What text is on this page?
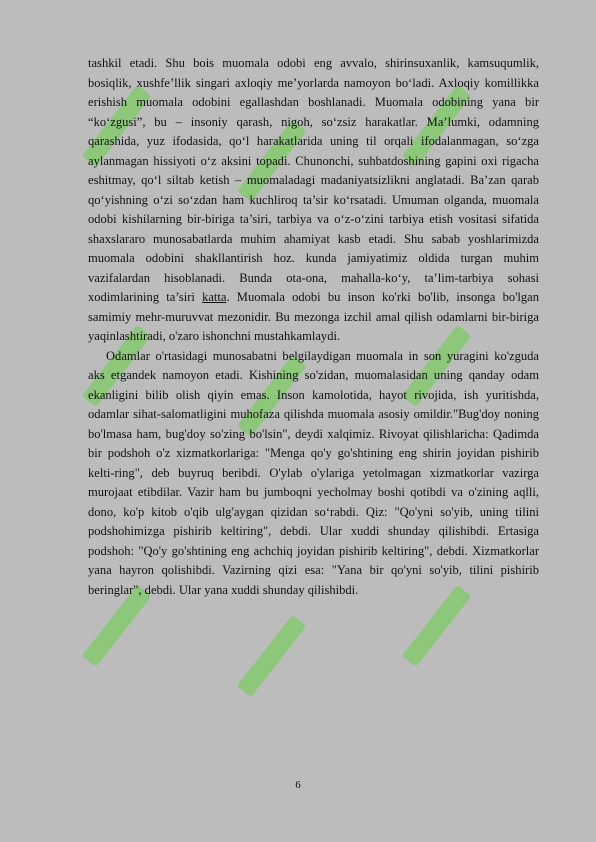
tashkil etadi. Shu bois muomala odobi eng avvalo, shirinsuxanlik, kamsuqumlik, bosiqlik, xushfe’llik singari axloqiy me’yorlarda namoyon bo‘ladi. Axloqiy komillikka erishish muomala odobini egallashdan boshlanadi. Muomala odobining yana bir “ko‘zgusi”, bu – insoniy qarash, nigoh, so‘zsiz harakatlar. Ma’lumki, odamning qarashida, yuz ifodasida, qo‘l harakatlarida uning til orqali ifodalanmagan, so‘zga aylanmagan hissiyoti o‘z aksini topadi. Chunonchi, suhbatdoshining gapini oxi rigacha eshitmay, qo‘l siltab ketish – muomaladagi madaniyatsizlikni anglatadi. Ba’zan qarab qo‘yishning o‘zi so‘zdan ham kuchliroq ta’sir ko‘rsatadi. Umuman olganda, muomala odobi kishilarning bir-biriga ta’siri, tarbiya va o‘z-o‘zini tarbiya etish vositasi sifatida shaxslararo munosabatlarda muhim ahamiyat kasb etadi. Shu sabab yoshlarimizda muomala odobini shakllantirish hoz. kunda jamiyatimiz oldida turgan muhim vazifalardan hisoblanadi. Bunda ota-ona, mahalla-ko‘y, ta’lim-tarbiya sohasi xodimlarining ta’siri katta. Muomala odobi bu inson ko'rki bo'lib, insonga bo'lgan samimiy mehr-muruvvat mezonidir. Bu mezonga izchil amal qilish odamlarni bir-biriga yaqinlashtiradi, o'zaro ishonchni mustahkamlaydi.

Odamlar o'rtasidagi munosabatni belgilaydigan muomala in son yuragini ko'zguda aks etgandek namoyon etadi. Kishining so'zidan, muomalasidan uning qanday odam ekanligini bilib olish qiyin emas. Inson kamolotida, hayot rivojida, ish yuritishda, odamlar sihat-salomatligini muhofaza qilishda muomala asosiy omildir."Bug'doy noning bo'lmasa ham, bug'doy so'zing bo'lsin", deydi xalqimiz. Rivoyat qilishlaricha: Qadimda bir podshoh o'z xizmatkorlariga: "Menga qo'y go'shtining eng shirin joyidan pishirib kelti-ring", deb buyruq beribdi. O'ylab o'ylariga yetolmagan xizmatkorlar vazirga murojaat etibdilar. Vazir ham bu jumboqni yecholmay boshi qotibdi va o'zining aqlli, dono, ko'p kitob o'qib ulg'aygan qizidan so‘rabdi. Qiz: "Qo'yni so'yib, uning tilini podshohimizga pishirib keltiring", debdi. Ular xuddi shunday qilishibdi. Ertasiga podshoh: "Qo'y go'shtining eng achchiq joyidan pishirib keltiring", debdi. Xizmatkorlar yana hayron qolishibdi. Vazirning qizi esa: "Yana bir qo'yni so'yib, tilini pishirib beringlar", debdi. Ular yana xuddi shunday qilishibdi.

6
